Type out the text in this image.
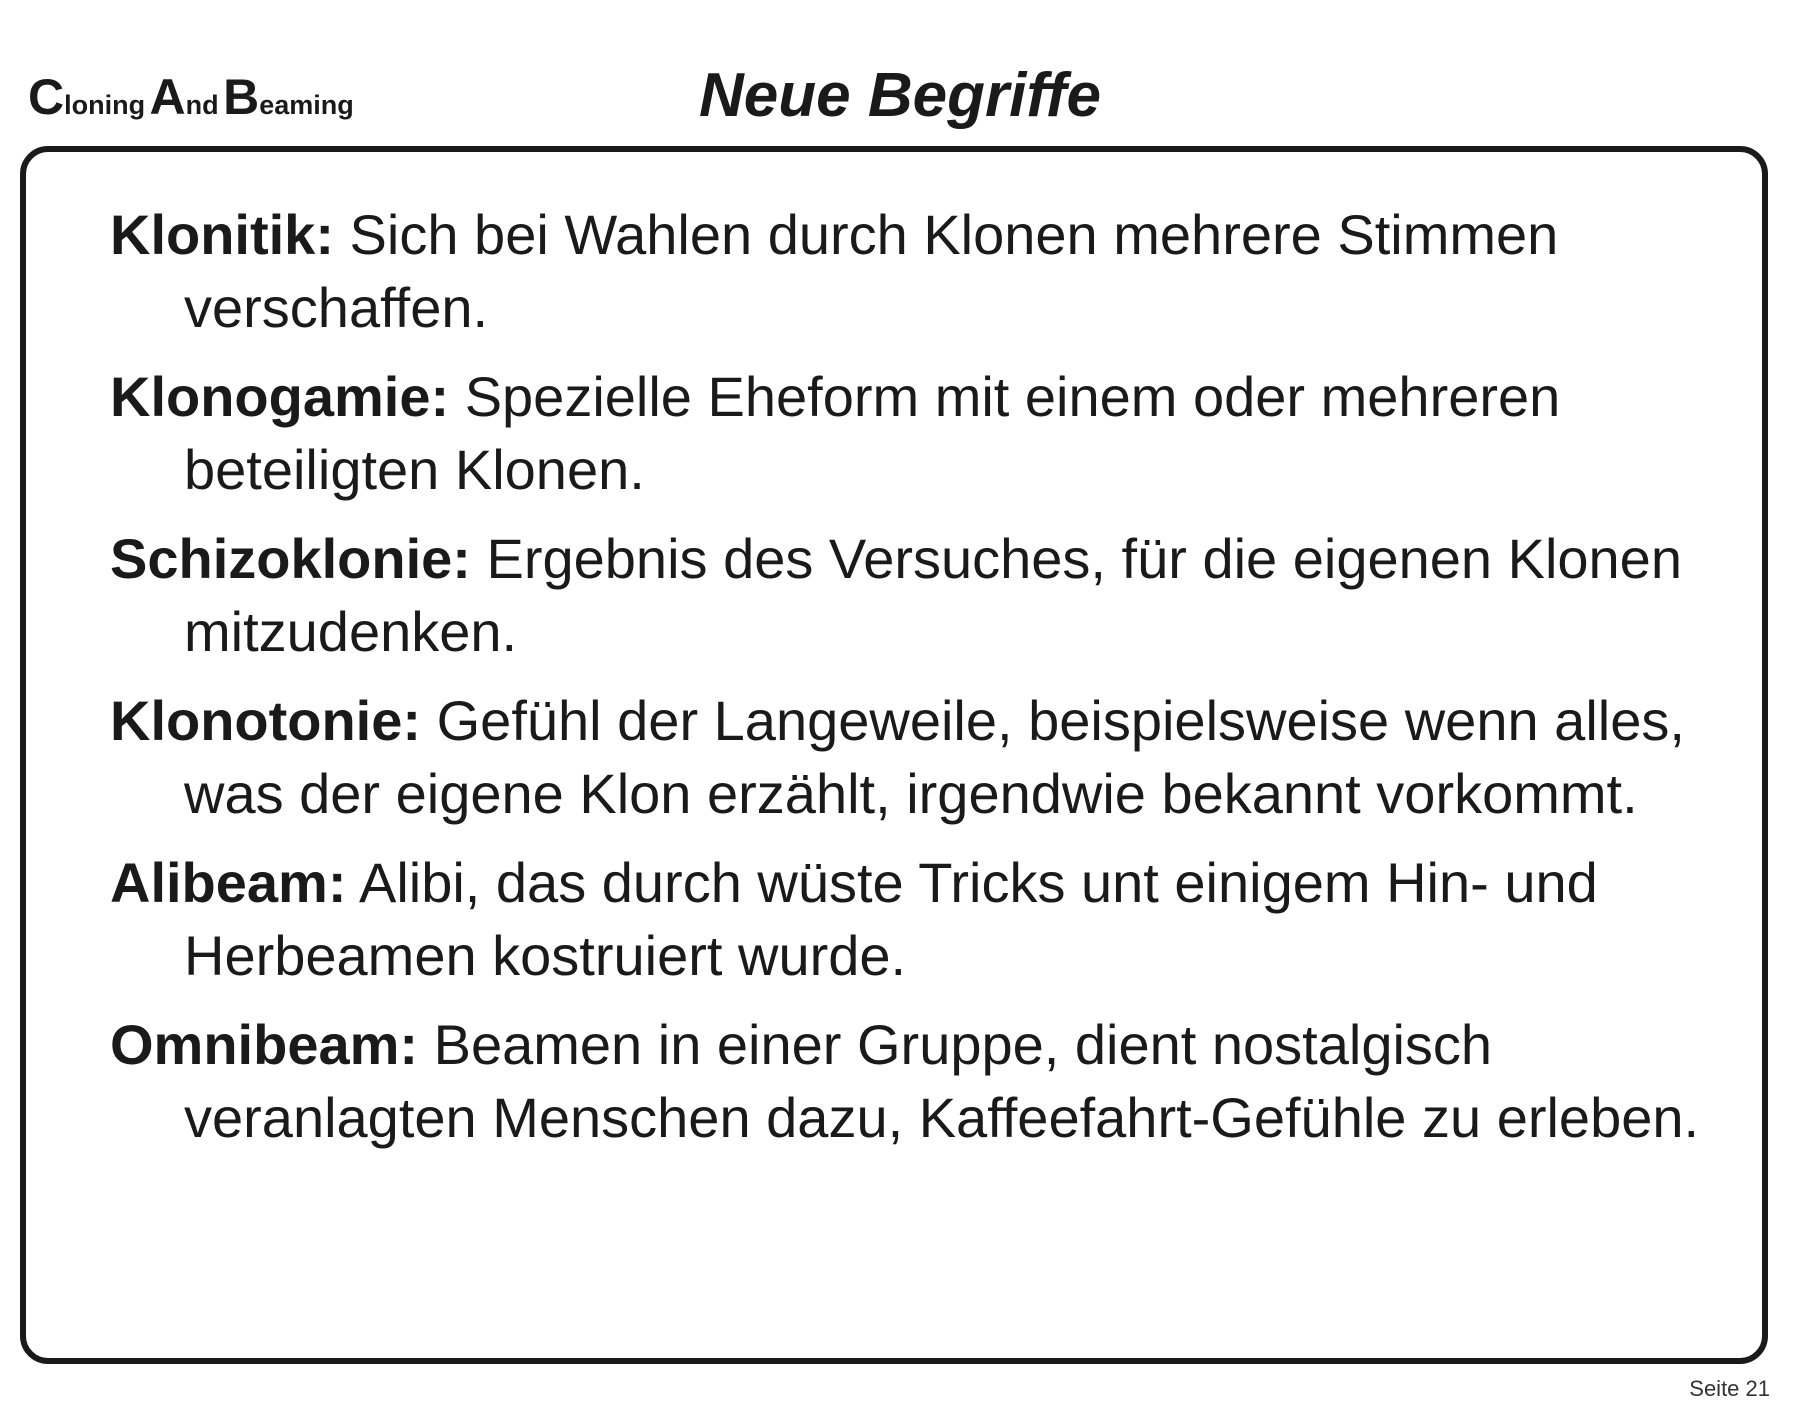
Cloning And Beaming	Neue Begriffe

Klonitik: Sich bei Wahlen durch Klonen mehrere Stimmen verschaffen.

Klonogamie: Spezielle Eheform mit einem oder mehreren beteiligten Klonen.

Schizoklonie: Ergebnis des Versuches, für die eigenen Klonen mitzudenken.

Klonotonie: Gefühl der Langeweile, beispielsweise wenn alles, was der eigene Klon erzählt, irgendwie bekannt vorkommt.

Alibeam: Alibi, das durch wüste Tricks unt einigem Hin- und Herbeamen kostruiert wurde.

Omnibeam: Beamen in einer Gruppe, dient nostalgisch veranlagten Menschen dazu, Kaffeefahrt-Gefühle zu erleben.

Seite 21
